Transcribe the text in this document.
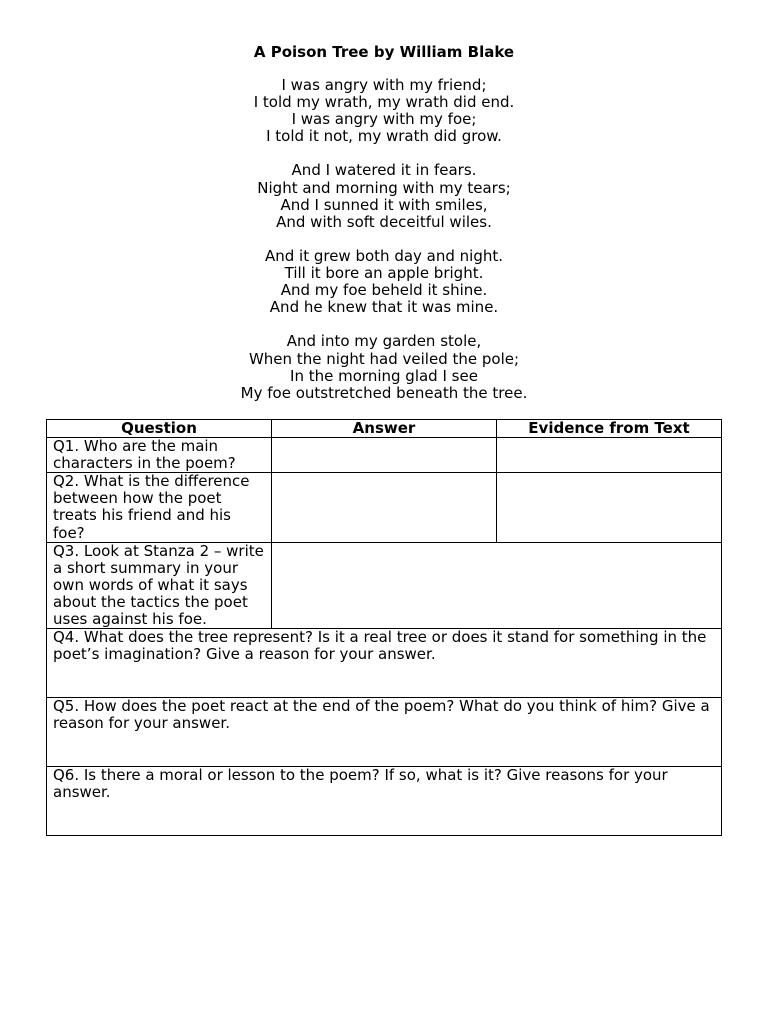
A Poison Tree by William Blake
I was angry with my friend;
I told my wrath, my wrath did end.
I was angry with my foe;
I told it not, my wrath did grow.
And I watered it in fears.
Night and morning with my tears;
And I sunned it with smiles,
And with soft deceitful wiles.
And it grew both day and night.
Till it bore an apple bright.
And my foe beheld it shine.
And he knew that it was mine.
And into my garden stole,
When the night had veiled the pole;
In the morning glad I see
My foe outstretched beneath the tree.
Question	Answer	Evidence from Text
Q1. Who are the main characters in the poem?		
Q2. What is the difference between how the poet treats his friend and his foe?		
Q3. Look at Stanza 2 – write a short summary in your own words of what it says about the tactics the poet uses against his foe.		
Q4. What does the tree represent? Is it a real tree or does it stand for something in the poet’s imagination? Give a reason for your answer.		
Q5. How does the poet react at the end of the poem? What do you think of him? Give a reason for your answer.		
Q6. Is there a moral or lesson to the poem? If so, what is it? Give reasons for your answer.		
